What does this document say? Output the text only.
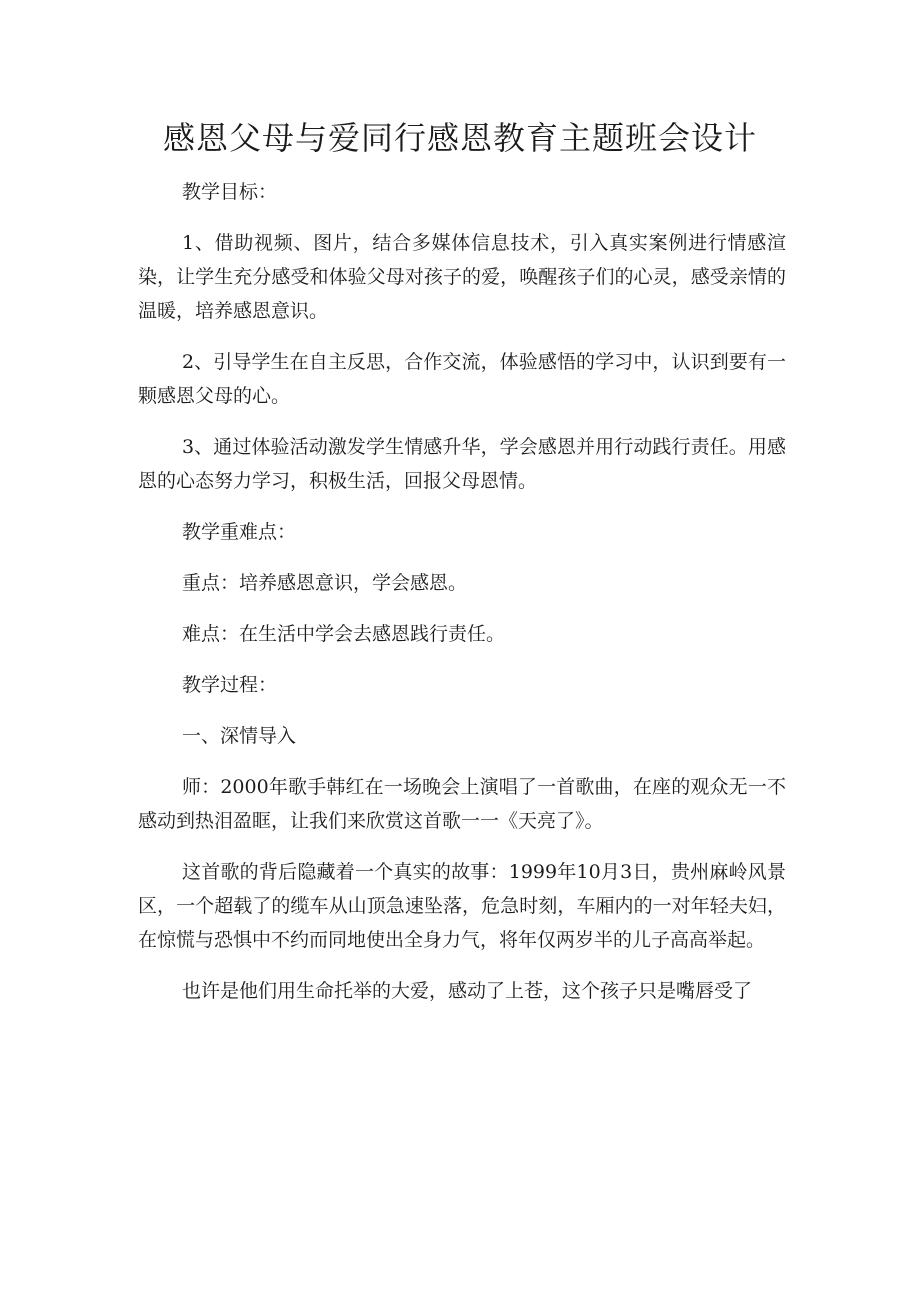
感恩父母与爱同行感恩教育主题班会设计

教学目标：

1、借助视频、图片，结合多媒体信息技术，引入真实案例进行情感渲染，让学生充分感受和体验父母对孩子的爱，唤醒孩子们的心灵，感受亲情的温暖，培养感恩意识。

2、引导学生在自主反思，合作交流，体验感悟的学习中，认识到要有一颗感恩父母的心。

3、通过体验活动激发学生情感升华，学会感恩并用行动践行责任。用感恩的心态努力学习，积极生活，回报父母恩情。

教学重难点：

重点：培养感恩意识，学会感恩。

难点：在生活中学会去感恩践行责任。

教学过程：

一、深情导入

师：2000年歌手韩红在一场晚会上演唱了一首歌曲，在座的观众无一不感动到热泪盈眶，让我们来欣赏这首歌一一《天亮了》。

这首歌的背后隐藏着一个真实的故事：1999年10月3日，贵州麻岭风景区，一个超载了的缆车从山顶急速坠落，危急时刻，车厢内的一对年轻夫妇，在惊慌与恐惧中不约而同地使出全身力气，将年仅两岁半的儿子高高举起。

也许是他们用生命托举的大爱，感动了上苍，这个孩子只是嘴唇受了
